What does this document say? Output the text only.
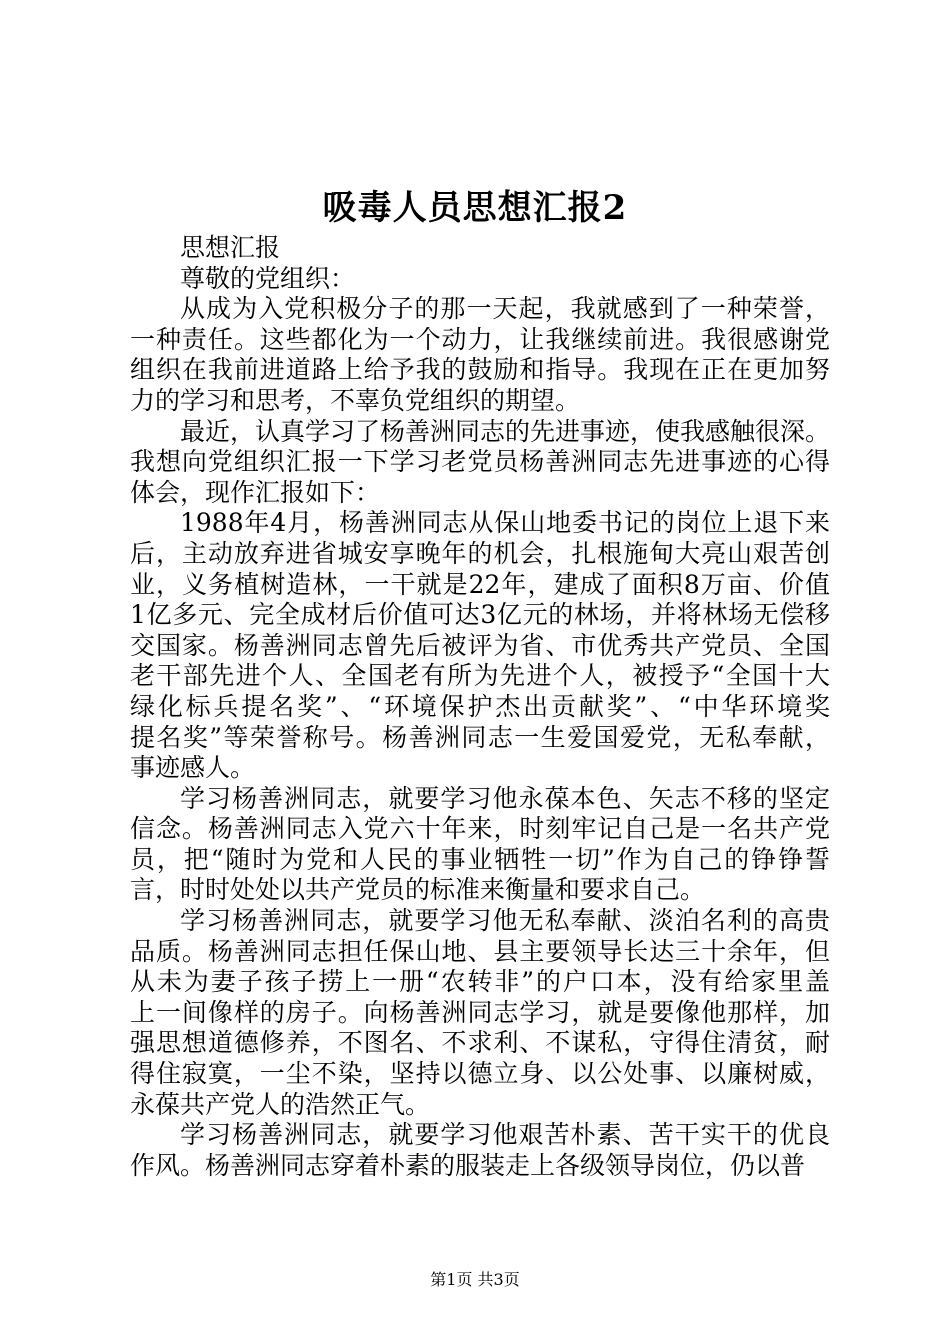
吸毒人员思想汇报2

思想汇报

尊敬的党组织：

从成为入党积极分子的那一天起，我就感到了一种荣誉，
一种责任。这些都化为一个动力，让我继续前进。我很感谢党
组织在我前进道路上给予我的鼓励和指导。我现在正在更加努
力的学习和思考，不辜负党组织的期望。

最近，认真学习了杨善洲同志的先进事迹，使我感触很深。
我想向党组织汇报一下学习老党员杨善洲同志先进事迹的心得
体会，现作汇报如下：

1988年4月，杨善洲同志从保山地委书记的岗位上退下来
后，主动放弃进省城安享晚年的机会，扎根施甸大亮山艰苦创
业，义务植树造林，一干就是22年，建成了面积8万亩、价值
1亿多元、完全成材后价值可达3亿元的林场，并将林场无偿移
交国家。杨善洲同志曾先后被评为省、市优秀共产党员、全国
老干部先进个人、全国老有所为先进个人，被授予“全国十大
绿化标兵提名奖”、“环境保护杰出贡献奖”、“中华环境奖
提名奖”等荣誉称号。杨善洲同志一生爱国爱党，无私奉献，
事迹感人。

学习杨善洲同志，就要学习他永葆本色、矢志不移的坚定
信念。杨善洲同志入党六十年来，时刻牢记自己是一名共产党
员，把“随时为党和人民的事业牺牲一切”作为自己的铮铮誓
言，时时处处以共产党员的标准来衡量和要求自己。

学习杨善洲同志，就要学习他无私奉献、淡泊名利的高贵
品质。杨善洲同志担任保山地、县主要领导长达三十余年，但
从未为妻子孩子捞上一册“农转非”的户口本，没有给家里盖
上一间像样的房子。向杨善洲同志学习，就是要像他那样，加
强思想道德修养，不图名、不求利、不谋私，守得住清贫，耐
得住寂寞，一尘不染，坚持以德立身、以公处事、以廉树威，
永葆共产党人的浩然正气。

学习杨善洲同志，就要学习他艰苦朴素、苦干实干的优良
作风。杨善洲同志穿着朴素的服装走上各级领导岗位，仍以普

第1页 共3页
